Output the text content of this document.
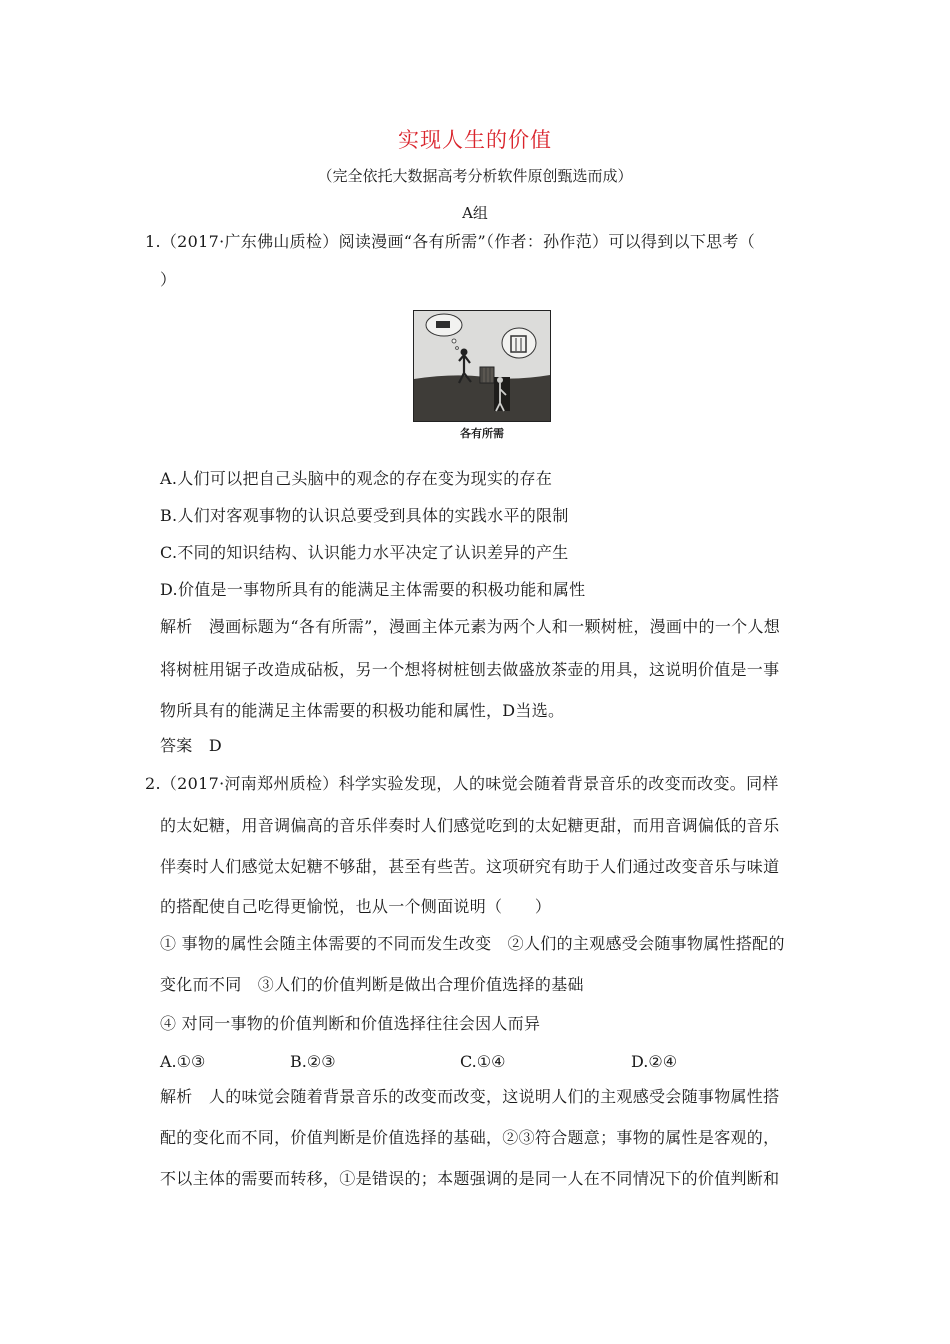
实现人生的价值
（完全依托大数据高考分析软件原创甄选而成）
A组
1.（2017·广东佛山质检）阅读漫画“各有所需”（作者：孙作范）可以得到以下思考（
）
各有所需
A.人们可以把自己头脑中的观念的存在变为现实的存在
B.人们对客观事物的认识总要受到具体的实践水平的限制
C.不同的知识结构、认识能力水平决定了认识差异的产生
D.价值是一事物所具有的能满足主体需要的积极功能和属性
解析　漫画标题为“各有所需”，漫画主体元素为两个人和一颗树桩，漫画中的一个人想
将树桩用锯子改造成砧板，另一个想将树桩刨去做盛放茶壶的用具，这说明价值是一事
物所具有的能满足主体需要的积极功能和属性，D当选。
答案　D
2.（2017·河南郑州质检）科学实验发现，人的味觉会随着背景音乐的改变而改变。同样
的太妃糖，用音调偏高的音乐伴奏时人们感觉吃到的太妃糖更甜，而用音调偏低的音乐
伴奏时人们感觉太妃糖不够甜，甚至有些苦。这项研究有助于人们通过改变音乐与味道
的搭配使自己吃得更愉悦，也从一个侧面说明（　　）
① 事物的属性会随主体需要的不同而发生改变　②人们的主观感受会随事物属性搭配的
变化而不同　③人们的价值判断是做出合理价值选择的基础
④ 对同一事物的价值判断和价值选择往往会因人而异
A.①③	B.②③	C.①④	D.②④
解析　人的味觉会随着背景音乐的改变而改变，这说明人们的主观感受会随事物属性搭
配的变化而不同，价值判断是价值选择的基础，②③符合题意；事物的属性是客观的，
不以主体的需要而转移，①是错误的；本题强调的是同一人在不同情况下的价值判断和
